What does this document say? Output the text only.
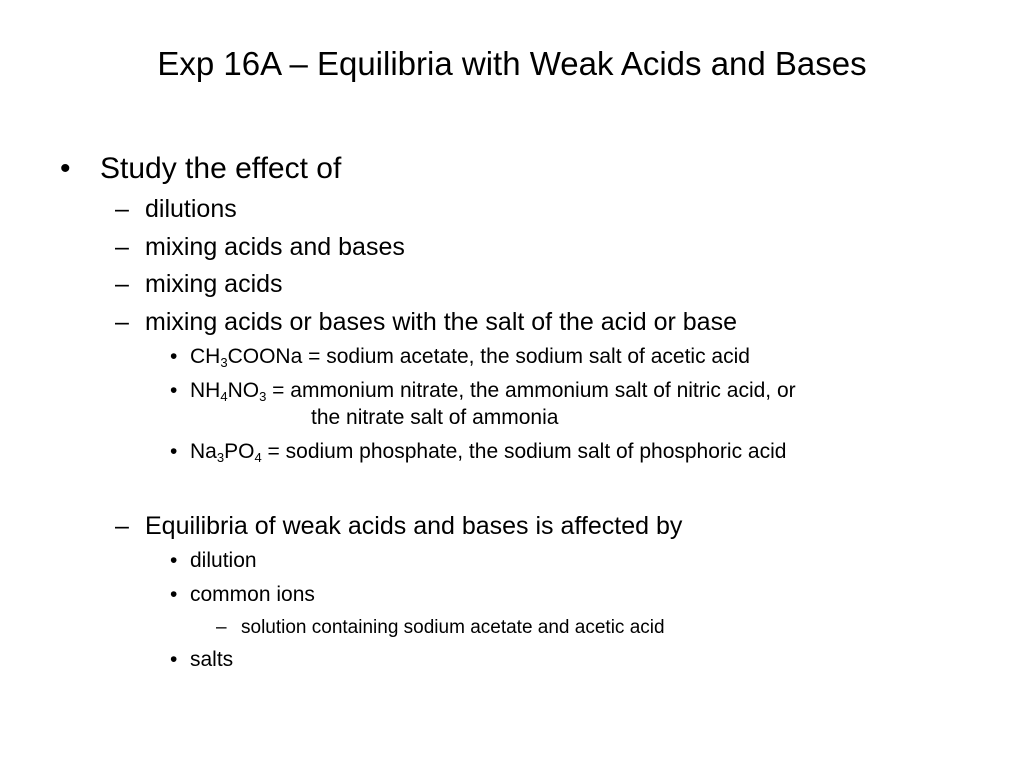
Exp 16A – Equilibria with Weak Acids and Bases
• Study the effect of
– dilutions
– mixing acids and bases
– mixing acids
– mixing acids or bases with the salt of the acid or base
• $CH_3COONa$ = sodium acetate, the sodium salt of acetic acid
• $NH_4NO_3$ = ammonium nitrate, the ammonium salt of nitric acid, or
the nitrate salt of ammonia
• $Na_3PO_4$ = sodium phosphate, the sodium salt of phosphoric acid
– Equilibria of weak acids and bases is affected by
• dilution
• common ions
– solution containing sodium acetate and acetic acid
• salts
